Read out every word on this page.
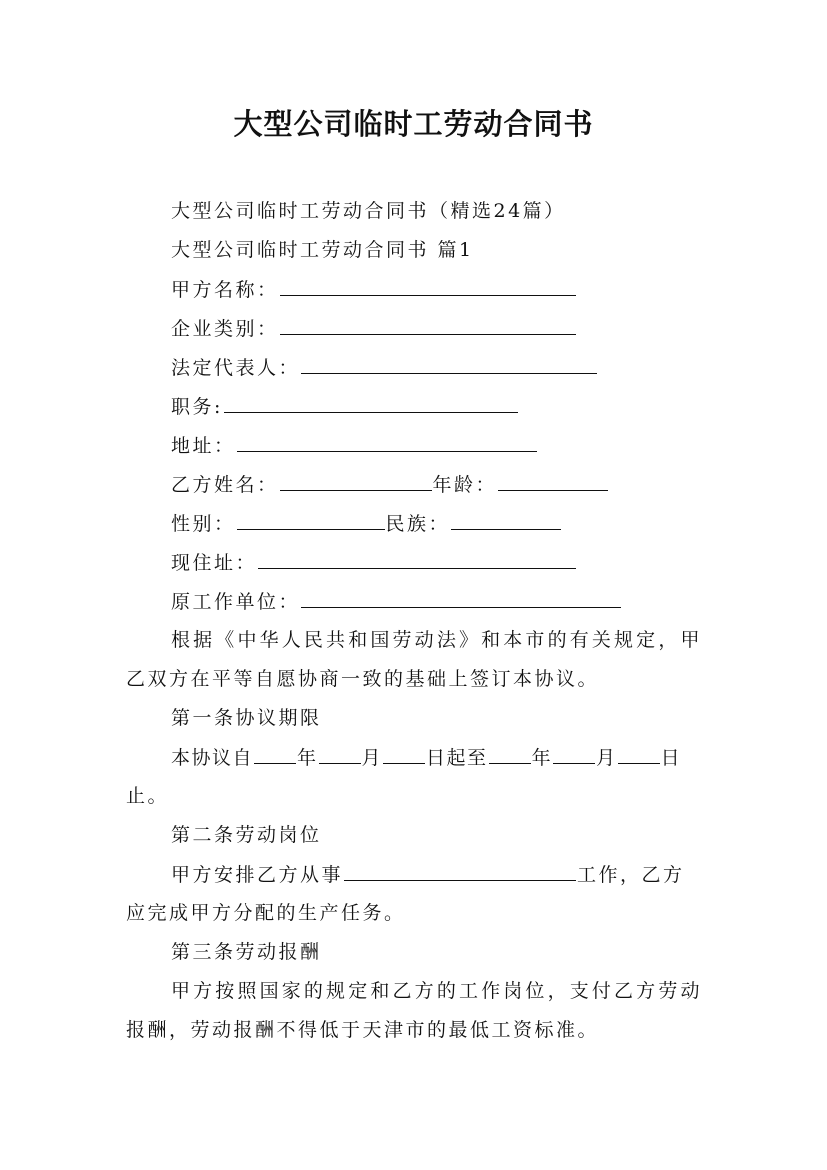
大型公司临时工劳动合同书
大型公司临时工劳动合同书（精选24篇）
大型公司临时工劳动合同书 篇1
甲方名称：
企业类别：
法定代表人：
职务:
地址：
乙方姓名：	年龄：
性别：	民族：
现住址：
原工作单位：
根据《中华人民共和国劳动法》和本市的有关规定，甲
乙双方在平等自愿协商一致的基础上签订本协议。
第一条协议期限
本协议自 年 月 日起至 年 月 日
止。
第二条劳动岗位
甲方安排乙方从事	工作，乙方
应完成甲方分配的生产任务。
第三条劳动报酬
甲方按照国家的规定和乙方的工作岗位，支付乙方劳动
报酬，劳动报酬不得低于天津市的最低工资标准。
